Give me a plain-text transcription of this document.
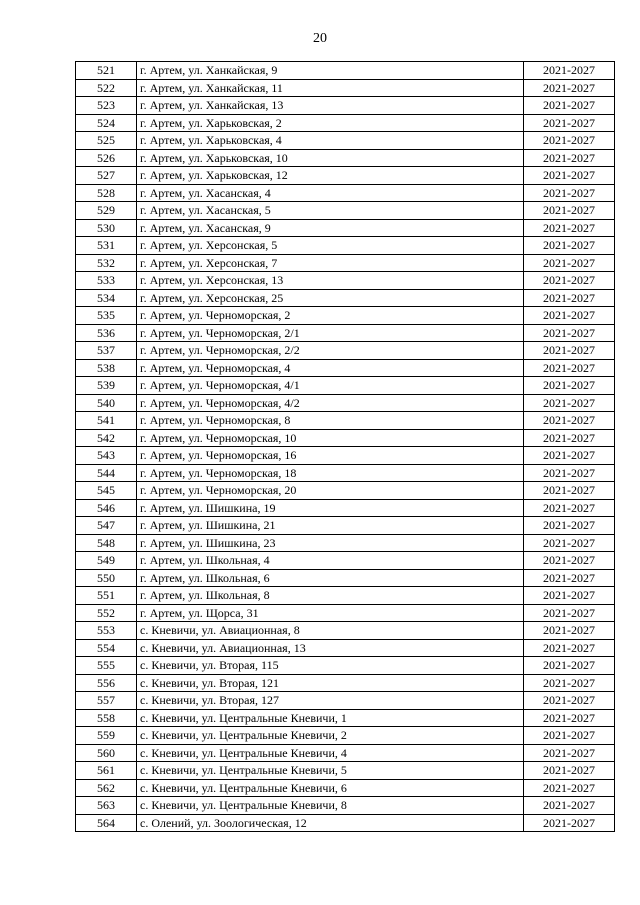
20
521	г. Артем, ул. Ханкайская, 9	2021-2027
522	г. Артем, ул. Ханкайская, 11	2021-2027
523	г. Артем, ул. Ханкайская, 13	2021-2027
524	г. Артем, ул. Харьковская, 2	2021-2027
525	г. Артем, ул. Харьковская, 4	2021-2027
526	г. Артем, ул. Харьковская, 10	2021-2027
527	г. Артем, ул. Харьковская, 12	2021-2027
528	г. Артем, ул. Хасанская, 4	2021-2027
529	г. Артем, ул. Хасанская, 5	2021-2027
530	г. Артем, ул. Хасанская, 9	2021-2027
531	г. Артем, ул. Херсонская, 5	2021-2027
532	г. Артем, ул. Херсонская, 7	2021-2027
533	г. Артем, ул. Херсонская, 13	2021-2027
534	г. Артем, ул. Херсонская, 25	2021-2027
535	г. Артем, ул. Черноморская, 2	2021-2027
536	г. Артем, ул. Черноморская, 2/1	2021-2027
537	г. Артем, ул. Черноморская, 2/2	2021-2027
538	г. Артем, ул. Черноморская, 4	2021-2027
539	г. Артем, ул. Черноморская, 4/1	2021-2027
540	г. Артем, ул. Черноморская, 4/2	2021-2027
541	г. Артем, ул. Черноморская, 8	2021-2027
542	г. Артем, ул. Черноморская, 10	2021-2027
543	г. Артем, ул. Черноморская, 16	2021-2027
544	г. Артем, ул. Черноморская, 18	2021-2027
545	г. Артем, ул. Черноморская, 20	2021-2027
546	г. Артем, ул. Шишкина, 19	2021-2027
547	г. Артем, ул. Шишкина, 21	2021-2027
548	г. Артем, ул. Шишкина, 23	2021-2027
549	г. Артем, ул. Школьная, 4	2021-2027
550	г. Артем, ул. Школьная, 6	2021-2027
551	г. Артем, ул. Школьная, 8	2021-2027
552	г. Артем, ул. Щорса, 31	2021-2027
553	с. Кневичи, ул. Авиационная, 8	2021-2027
554	с. Кневичи, ул. Авиационная, 13	2021-2027
555	с. Кневичи, ул. Вторая, 115	2021-2027
556	с. Кневичи, ул. Вторая, 121	2021-2027
557	с. Кневичи, ул. Вторая, 127	2021-2027
558	с. Кневичи, ул. Центральные Кневичи, 1	2021-2027
559	с. Кневичи, ул. Центральные Кневичи, 2	2021-2027
560	с. Кневичи, ул. Центральные Кневичи, 4	2021-2027
561	с. Кневичи, ул. Центральные Кневичи, 5	2021-2027
562	с. Кневичи, ул. Центральные Кневичи, 6	2021-2027
563	с. Кневичи, ул. Центральные Кневичи, 8	2021-2027
564	с. Олений, ул. Зоологическая, 12	2021-2027
